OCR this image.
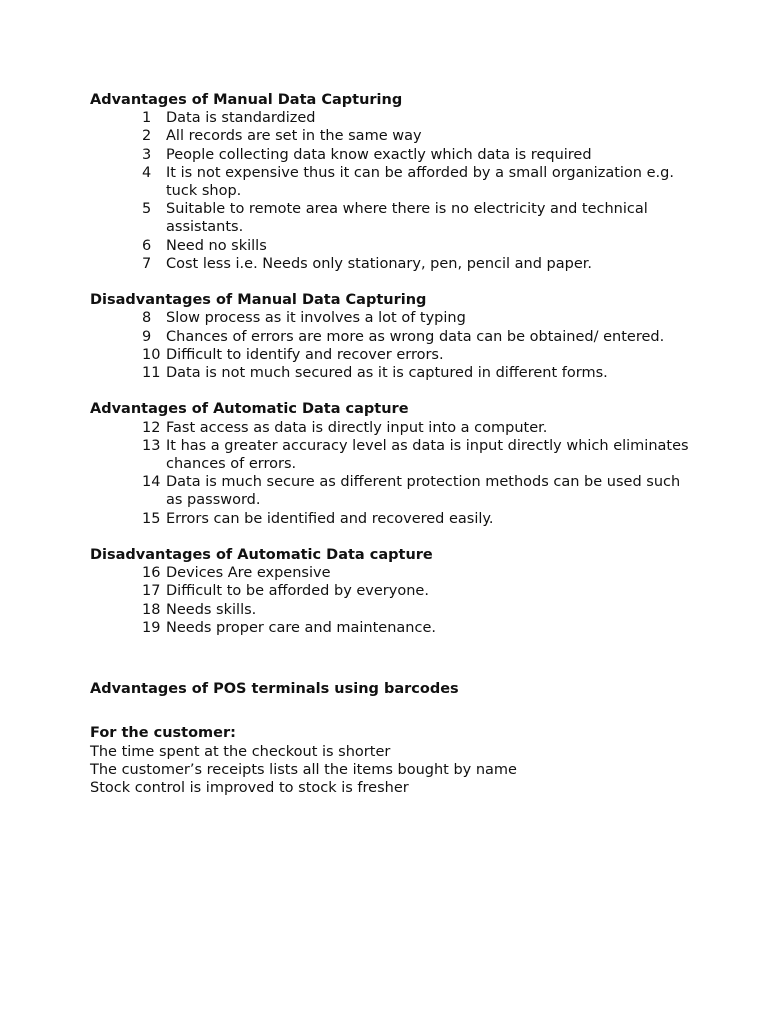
Advantages of Manual Data Capturing
1	Data is standardized
2	All records are set in the same way
3	People collecting data know exactly which data is required
4	It is not expensive thus it can be afforded by a small organization e.g. tuck shop.
5	Suitable to remote area where there is no electricity and technical assistants.
6	Need no skills
7	Cost less i.e. Needs only stationary, pen, pencil and paper.
Disadvantages of Manual Data Capturing
8	Slow process as it involves a lot of typing
9	Chances of errors are more as wrong data can be obtained/ entered.
10 Difficult to identify and recover errors.
11 Data is not much secured as it is captured in different forms.
Advantages of Automatic Data capture
12 Fast access as data is directly input into a computer.
13 It has a greater accuracy level as data is input directly which eliminates chances of errors.
14 Data is much secure as different protection methods can be used such as password.
15 Errors can be identified and recovered easily.
Disadvantages of Automatic Data capture
16 Devices Are expensive
17 Difficult to be afforded by everyone.
18 Needs skills.
19 Needs proper care and maintenance.
Advantages of POS terminals using barcodes
For the customer:
The time spent at the checkout is shorter
The customer’s receipts lists all the items bought by name
Stock control is improved to stock is fresher
